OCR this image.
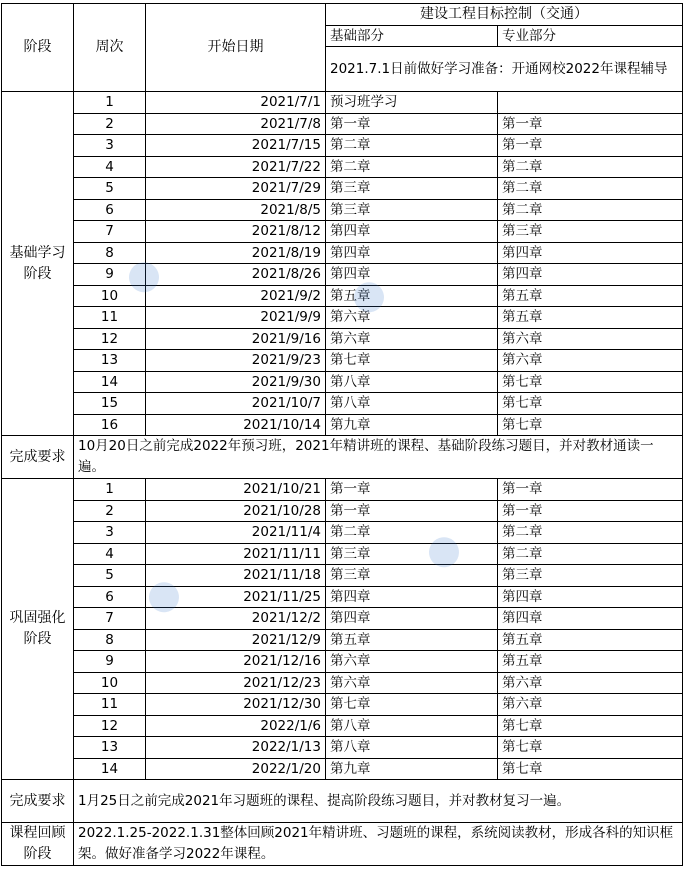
阶段	周次	开始日期	建设工程目标控制（交通）	
			基础部分	专业部分
			2021.7.1日前做好学习准备：开通网校2022年课程辅导	
基础学习阶段	1	2021/7/1	预习班学习	
	2	2021/7/8	第一章	第一章
	3	2021/7/15	第二章	第一章
	4	2021/7/22	第二章	第二章
	5	2021/7/29	第三章	第二章
	6	2021/8/5	第三章	第二章
	7	2021/8/12	第四章	第三章
	8	2021/8/19	第四章	第四章
	9	2021/8/26	第四章	第四章
	10	2021/9/2	第五章	第五章
	11	2021/9/9	第六章	第五章
	12	2021/9/16	第六章	第六章
	13	2021/9/23	第七章	第六章
	14	2021/9/30	第八章	第七章
	15	2021/10/7	第八章	第七章
	16	2021/10/14	第九章	第七章
完成要求	10月20日之前完成2022年预习班，2021年精讲班的课程、基础阶段练习题目，并对教材通读一遍。			
巩固强化阶段	1	2021/10/21	第一章	第一章
	2	2021/10/28	第一章	第一章
	3	2021/11/4	第二章	第二章
	4	2021/11/11	第三章	第二章
	5	2021/11/18	第三章	第三章
	6	2021/11/25	第四章	第四章
	7	2021/12/2	第四章	第四章
	8	2021/12/9	第五章	第五章
	9	2021/12/16	第六章	第五章
	10	2021/12/23	第六章	第六章
	11	2021/12/30	第七章	第六章
	12	2022/1/6	第八章	第七章
	13	2022/1/13	第八章	第七章
	14	2022/1/20	第九章	第七章
完成要求	1月25日之前完成2021年习题班的课程、提高阶段练习题目，并对教材复习一遍。			
课程回顾阶段	2022.1.25-2022.1.31整体回顾2021年精讲班、习题班的课程，系统阅读教材，形成各科的知识框架。做好准备学习2022年课程。			
